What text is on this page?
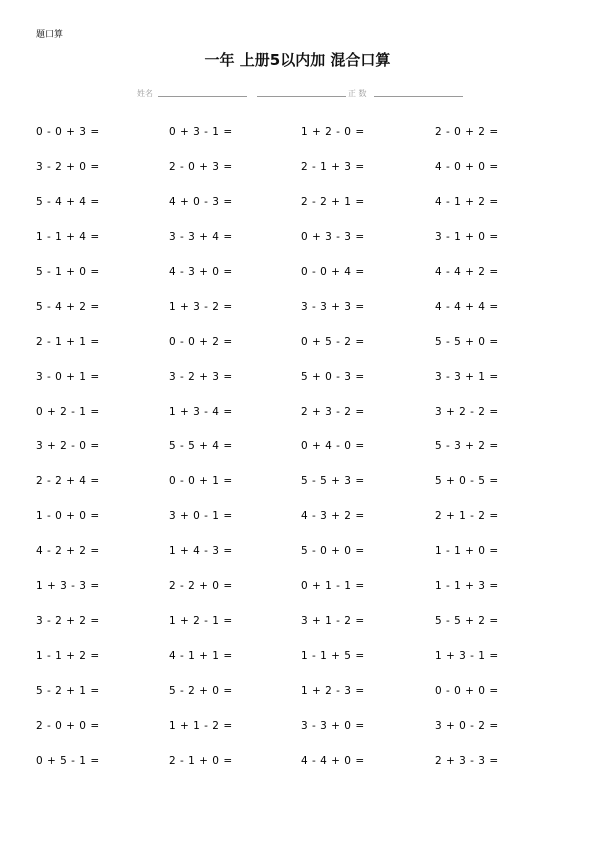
題口算
一年 上册5以内加 混合口算
姓名	正 数
0 - 0 + 3 =	0 + 3 - 1 =	1 + 2 - 0 =	2 - 0 + 2 =
3 - 2 + 0 =	2 - 0 + 3 =	2 - 1 + 3 =	4 - 0 + 0 =
5 - 4 + 4 =	4 + 0 - 3 =	2 - 2 + 1 =	4 - 1 + 2 =
1 - 1 + 4 =	3 - 3 + 4 =	0 + 3 - 3 =	3 - 1 + 0 =
5 - 1 + 0 =	4 - 3 + 0 =	0 - 0 + 4 =	4 - 4 + 2 =
5 - 4 + 2 =	1 + 3 - 2 =	3 - 3 + 3 =	4 - 4 + 4 =
2 - 1 + 1 =	0 - 0 + 2 =	0 + 5 - 2 =	5 - 5 + 0 =
3 - 0 + 1 =	3 - 2 + 3 =	5 + 0 - 3 =	3 - 3 + 1 =
0 + 2 - 1 =	1 + 3 - 4 =	2 + 3 - 2 =	3 + 2 - 2 =
3 + 2 - 0 =	5 - 5 + 4 =	0 + 4 - 0 =	5 - 3 + 2 =
2 - 2 + 4 =	0 - 0 + 1 =	5 - 5 + 3 =	5 + 0 - 5 =
1 - 0 + 0 =	3 + 0 - 1 =	4 - 3 + 2 =	2 + 1 - 2 =
4 - 2 + 2 =	1 + 4 - 3 =	5 - 0 + 0 =	1 - 1 + 0 =
1 + 3 - 3 =	2 - 2 + 0 =	0 + 1 - 1 =	1 - 1 + 3 =
3 - 2 + 2 =	1 + 2 - 1 =	3 + 1 - 2 =	5 - 5 + 2 =
1 - 1 + 2 =	4 - 1 + 1 =	1 - 1 + 5 =	1 + 3 - 1 =
5 - 2 + 1 =	5 - 2 + 0 =	1 + 2 - 3 =	0 - 0 + 0 =
2 - 0 + 0 =	1 + 1 - 2 =	3 - 3 + 0 =	3 + 0 - 2 =
0 + 5 - 1 =	2 - 1 + 0 =	4 - 4 + 0 =	2 + 3 - 3 =
